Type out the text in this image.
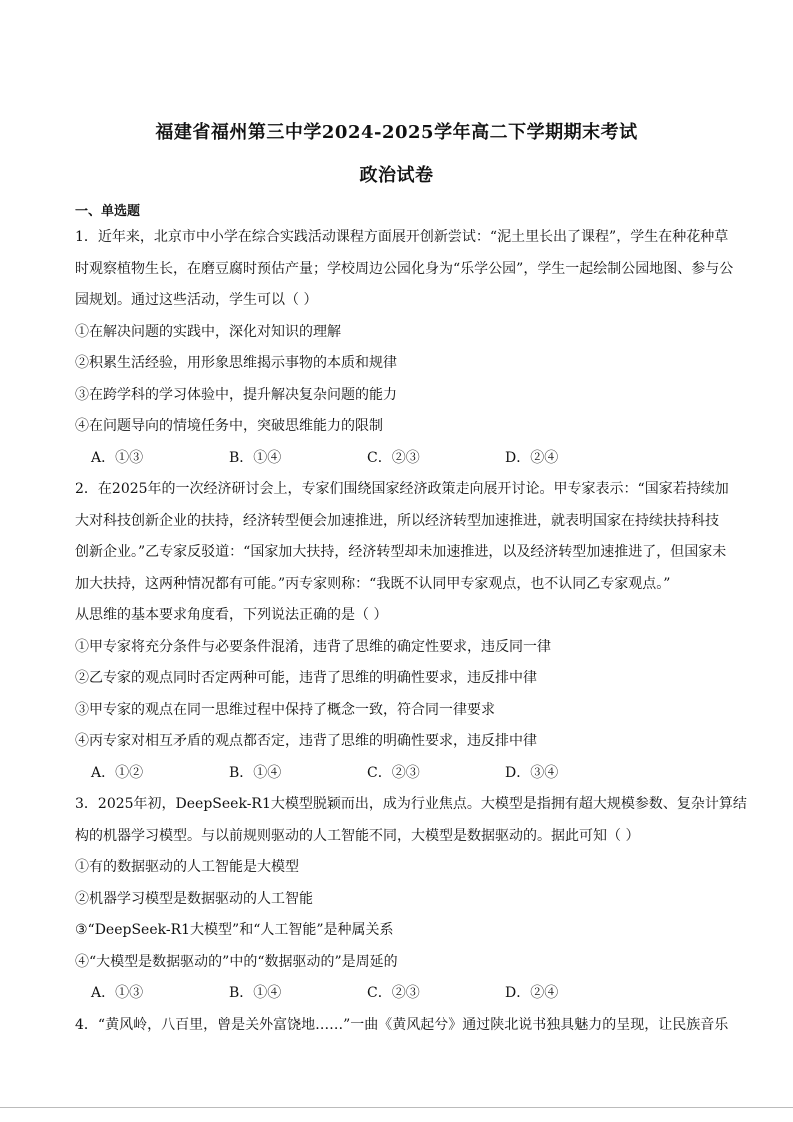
福建省福州第三中学2024-2025学年高二下学期期末考试
政治试卷
一、单选题
1．近年来，北京市中小学在综合实践活动课程方面展开创新尝试：“泥土里长出了课程”，学生在种花种草
时观察植物生长，在磨豆腐时预估产量；学校周边公园化身为“乐学公园”，学生一起绘制公园地图、参与公
园规划。通过这些活动，学生可以（ ）
①在解决问题的实践中，深化对知识的理解
②积累生活经验，用形象思维揭示事物的本质和规律
③在跨学科的学习体验中，提升解决复杂问题的能力
④在问题导向的情境任务中，突破思维能力的限制
A．①③	B．①④	C．②③	D．②④
2．在2025年的一次经济研讨会上，专家们围绕国家经济政策走向展开讨论。甲专家表示：“国家若持续加
大对科技创新企业的扶持，经济转型便会加速推进，所以经济转型加速推进，就表明国家在持续扶持科技
创新企业。”乙专家反驳道：“国家加大扶持，经济转型却未加速推进，以及经济转型加速推进了，但国家未
加大扶持，这两种情况都有可能。”丙专家则称：“我既不认同甲专家观点，也不认同乙专家观点。”
从思维的基本要求角度看，下列说法正确的是（ ）
①甲专家将充分条件与必要条件混淆，违背了思维的确定性要求，违反同一律
②乙专家的观点同时否定两种可能，违背了思维的明确性要求，违反排中律
③甲专家的观点在同一思维过程中保持了概念一致，符合同一律要求
④丙专家对相互矛盾的观点都否定，违背了思维的明确性要求，违反排中律
A．①②	B．①④	C．②③	D．③④
3．2025年初，DeepSeek-R1大模型脱颖而出，成为行业焦点。大模型是指拥有超大规模参数、复杂计算结
构的机器学习模型。与以前规则驱动的人工智能不同，大模型是数据驱动的。据此可知（ ）
①有的数据驱动的人工智能是大模型
②机器学习模型是数据驱动的人工智能
③“DeepSeek-R1大模型”和“人工智能”是种属关系
④“大模型是数据驱动的”中的“数据驱动的”是周延的
A．①③	B．①④	C．②③	D．②④
4．“黄风岭，八百里，曾是关外富饶地……”一曲《黄风起兮》通过陕北说书独具魅力的呈现，让民族音乐
